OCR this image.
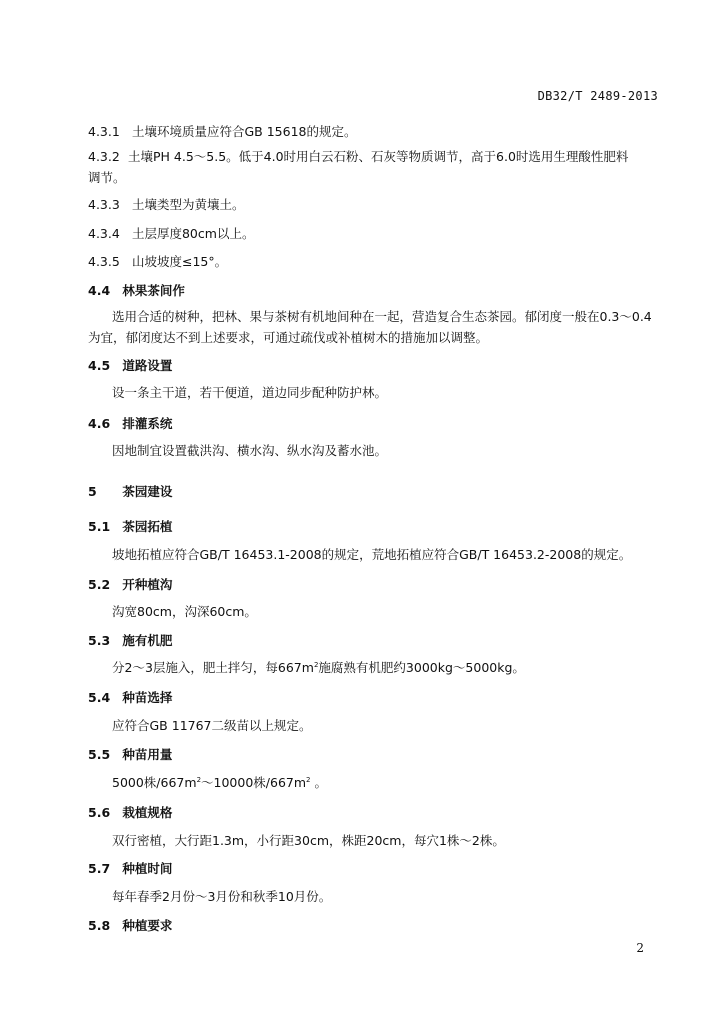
DB32/T 2489-2013
4.3.1 土壤环境质量应符合GB 15618的规定。
4.3.2 土壤PH 4.5～5.5。低于4.0时用白云石粉、石灰等物质调节，高于6.0时选用生理酸性肥料
调节。
4.3.3 土壤类型为黄壤土。
4.3.4 土层厚度80cm以上。
4.3.5 山坡坡度≤15°。
4.4 林果茶间作
选用合适的树种，把林、果与茶树有机地间种在一起，营造复合生态茶园。郁闭度一般在0.3～0.4
为宜，郁闭度达不到上述要求，可通过疏伐或补植树木的措施加以调整。
4.5 道路设置
设一条主干道，若干便道，道边同步配种防护林。
4.6 排灌系统
因地制宜设置截洪沟、横水沟、纵水沟及蓄水池。
5 茶园建设
5.1 茶园拓植
坡地拓植应符合GB/T 16453.1-2008的规定，荒地拓植应符合GB/T 16453.2-2008的规定。
5.2 开种植沟
沟宽80cm，沟深60cm。
5.3 施有机肥
分2～3层施入，肥土拌匀，每$667m^2$施腐熟有机肥约3000kg～5000kg。
5.4 种苗选择
应符合GB 11767二级苗以上规定。
5.5 种苗用量
5000株$/667m^2\sim 10000$株$/667m^2$ 。
5.6 栽植规格
双行密植，大行距1.3m，小行距30cm，株距20cm，每穴1株～2株。
5.7 种植时间
每年春季2月份～3月份和秋季10月份。
5.8 种植要求
2
